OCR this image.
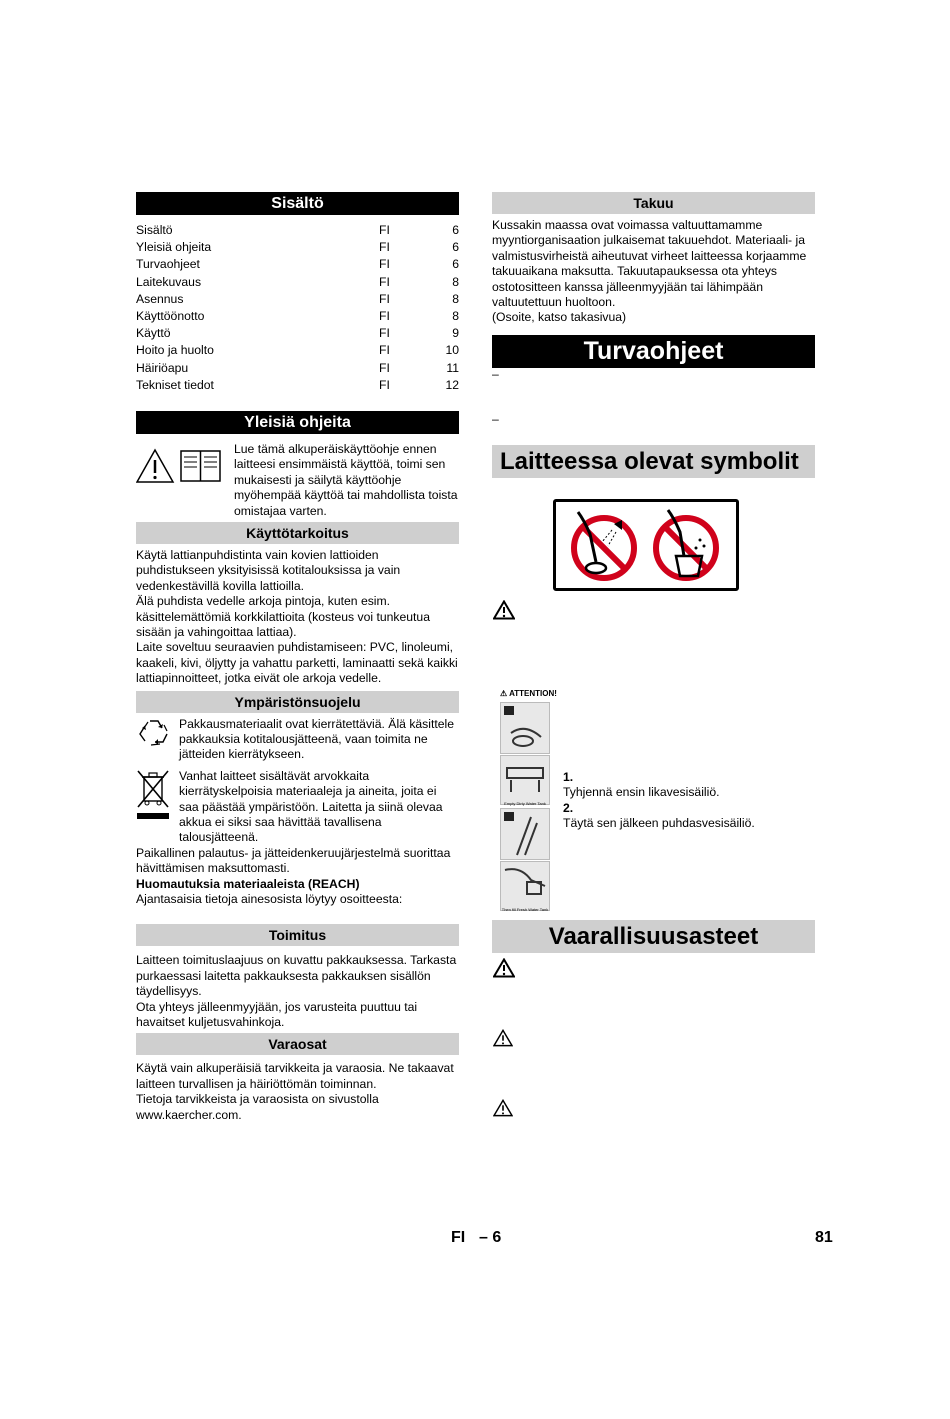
Sisältö
Sisältö	FI	6
Yleisiä ohjeita	FI	6
Turvaohjeet	FI	6
Laitekuvaus	FI	8
Asennus	FI	8
Käyttöönotto	FI	8
Käyttö	FI	9
Hoito ja huolto	FI	10
Häiriöapu	FI	11
Tekniset tiedot	FI	12
Yleisiä ohjeita

Lue tämä alkuperäiskäyttöohje ennen laitteesi ensimmäistä käyttöä, toimi sen mukaisesti ja säilytä käyttöohje myöhempää käyttöä tai mahdollista toista omistajaa varten.

Käyttötarkoitus

Käytä lattianpuhdistinta vain kovien lattioiden puhdistukseen yksityisissä kotitalouksissa ja vain vedenkestävillä kovilla lattioilla.
Älä puhdista vedelle arkoja pintoja, kuten esim. käsittelemättömiä korkkilattioita (kosteus voi tunkeutua sisään ja vahingoittaa lattiaa).
Laite soveltuu seuraavien puhdistamiseen: PVC, linoleumi, kaakeli, kivi, öljytty ja vahattu parketti, laminaatti sekä kaikki lattiapinnoitteet, jotka eivät ole arkoja vedelle.

Ympäristönsuojelu

Pakkausmateriaalit ovat kierrätettäviä. Älä käsittele pakkauksia kotitalousjätteenä, vaan toimita ne jätteiden kierrätykseen.

Vanhat laitteet sisältävät arvokkaita kierrätyskelpoisia materiaaleja ja aineita, joita ei saa päästää ympäristöön. Laitetta ja siinä olevaa akkua ei siksi saa hävittää tavallisena talousjätteenä.

Paikallinen palautus- ja jätteidenkeruujärjestelmä suorittaa hävittämisen maksuttomasti.

Huomautuksia materiaaleista (REACH)

Ajantasaisia tietoja ainesosista löytyy osoitteesta:

Toimitus

Laitteen toimituslaajuus on kuvattu pakkauksessa. Tarkasta purkaessasi laitetta pakkauksesta pakkauksen sisällön täydellisyys.
Ota yhteys jälleenmyyjään, jos varusteita puuttuu tai havaitset kuljetusvahinkoja.

Varaosat

Käytä vain alkuperäisiä tarvikkeita ja varaosia. Ne takaavat laitteen turvallisen ja häiriöttömän toiminnan.
Tietoja tarvikkeista ja varaosista on sivustolla www.kaercher.com.

Takuu

Kussakin maassa ovat voimassa valtuuttamamme myyntiorganisaation julkaisemat takuuehdot. Materiaali- ja valmistusvirheistä aiheutuvat virheet laitteessa korjaamme takuuaikana maksutta. Takuutapauksessa ota yhteys ostotositteen kanssa jälleenmyyjään tai lähimpään valtuutettuun huoltoon.
(Osoite, katso takasivua)

Turvaohjeet
–
–
Laitteessa olevat symbolit
⚠ ATTENTION!
Empty Dirty Water Tank
Then fill Fresh Water Tank

1.

Tyhjennä ensin likavesisäiliö.

2.

Täytä sen jälkeen puhdasvesisäiliö.

Vaarallisuusasteet
FI – 6	81
